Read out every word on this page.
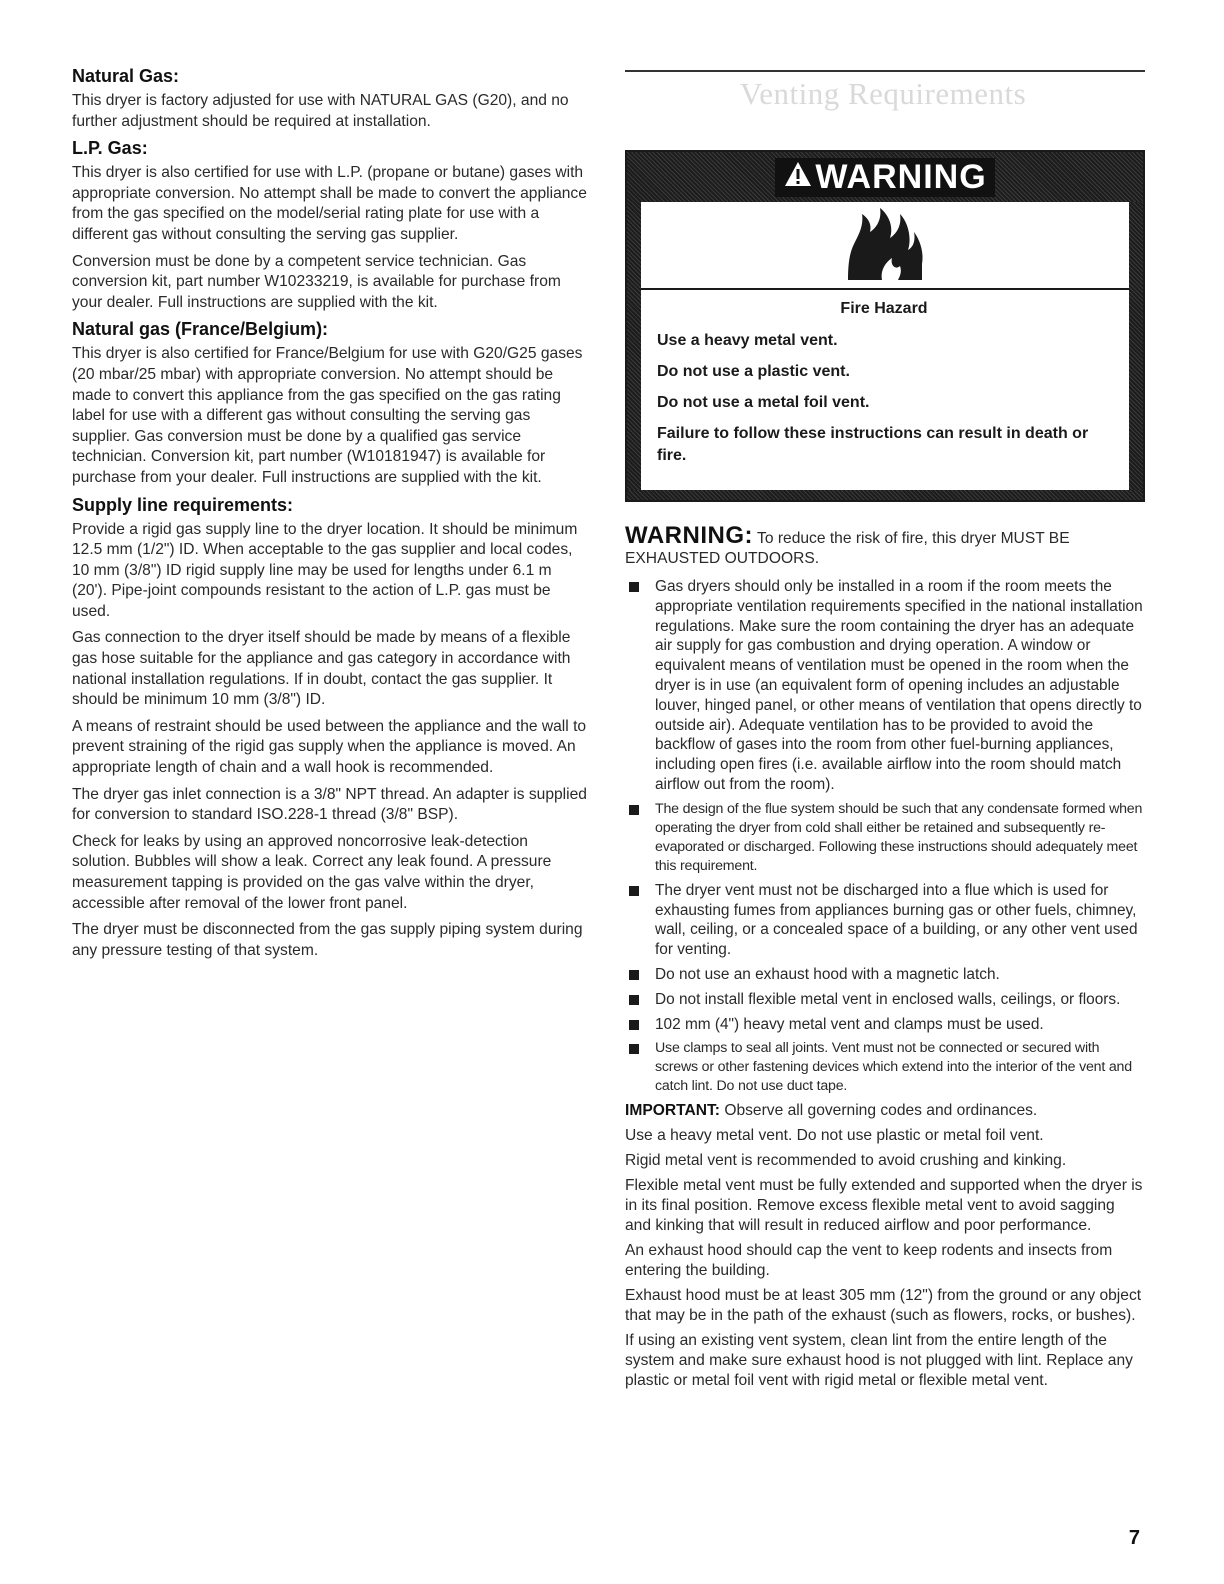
Natural Gas:

This dryer is factory adjusted for use with NATURAL GAS (G20), and no further adjustment should be required at installation.

L.P. Gas:

This dryer is also certified for use with L.P. (propane or butane) gases with appropriate conversion. No attempt shall be made to convert the appliance from the gas specified on the model/serial rating plate for use with a different gas without consulting the serving gas supplier.

Conversion must be done by a competent service technician. Gas conversion kit, part number W10233219, is available for purchase from your dealer. Full instructions are supplied with the kit.

Natural gas (France/Belgium):

This dryer is also certified for France/Belgium for use with G20/G25 gases (20 mbar/25 mbar) with appropriate conversion. No attempt should be made to convert this appliance from the gas specified on the gas rating label for use with a different gas without consulting the serving gas supplier. Gas conversion must be done by a qualified gas service technician. Conversion kit, part number (W10181947) is available for purchase from your dealer. Full instructions are supplied with the kit.

Supply line requirements:

Provide a rigid gas supply line to the dryer location. It should be minimum 12.5 mm (1/2") ID. When acceptable to the gas supplier and local codes, 10 mm (3/8") ID rigid supply line may be used for lengths under 6.1 m (20'). Pipe-joint compounds resistant to the action of L.P. gas must be used.

Gas connection to the dryer itself should be made by means of a flexible gas hose suitable for the appliance and gas category in accordance with national installation regulations. If in doubt, contact the gas supplier. It should be minimum 10 mm (3/8") ID.

A means of restraint should be used between the appliance and the wall to prevent straining of the rigid gas supply when the appliance is moved. An appropriate length of chain and a wall hook is recommended.

The dryer gas inlet connection is a 3/8" NPT thread. An adapter is supplied for conversion to standard ISO.228-1 thread (3/8" BSP).

Check for leaks by using an approved noncorrosive leak-detection solution. Bubbles will show a leak. Correct any leak found. A pressure measurement tapping is provided on the gas valve within the dryer, accessible after removal of the lower front panel.

The dryer must be disconnected from the gas supply piping system during any pressure testing of that system.

Venting Requirements
WARNING

Fire Hazard

Use a heavy metal vent.

Do not use a plastic vent.

Do not use a metal foil vent.

Failure to follow these instructions can result in death or fire.

WARNING: To reduce the risk of fire, this dryer MUST BE EXHAUSTED OUTDOORS.
Gas dryers should only be installed in a room if the room meets the appropriate ventilation requirements specified in the national installation regulations. Make sure the room containing the dryer has an adequate air supply for gas combustion and drying operation. A window or equivalent means of ventilation must be opened in the room when the dryer is in use (an equivalent form of opening includes an adjustable louver, hinged panel, or other means of ventilation that opens directly to outside air). Adequate ventilation has to be provided to avoid the backflow of gases into the room from other fuel-burning appliances, including open fires (i.e. available airflow into the room should match airflow out from the room).
The design of the flue system should be such that any condensate formed when operating the dryer from cold shall either be retained and subsequently re-evaporated or discharged. Following these instructions should adequately meet this requirement.
The dryer vent must not be discharged into a flue which is used for exhausting fumes from appliances burning gas or other fuels, chimney, wall, ceiling, or a concealed space of a building, or any other vent used for venting.
Do not use an exhaust hood with a magnetic latch.
Do not install flexible metal vent in enclosed walls, ceilings, or floors.
102 mm (4") heavy metal vent and clamps must be used.
Use clamps to seal all joints. Vent must not be connected or secured with screws or other fastening devices which extend into the interior of the vent and catch lint. Do not use duct tape.

IMPORTANT: Observe all governing codes and ordinances.

Use a heavy metal vent. Do not use plastic or metal foil vent.

Rigid metal vent is recommended to avoid crushing and kinking.

Flexible metal vent must be fully extended and supported when the dryer is in its final position. Remove excess flexible metal vent to avoid sagging and kinking that will result in reduced airflow and poor performance.

An exhaust hood should cap the vent to keep rodents and insects from entering the building.

Exhaust hood must be at least 305 mm (12") from the ground or any object that may be in the path of the exhaust (such as flowers, rocks, or bushes).

If using an existing vent system, clean lint from the entire length of the system and make sure exhaust hood is not plugged with lint. Replace any plastic or metal foil vent with rigid metal or flexible metal vent.

7
